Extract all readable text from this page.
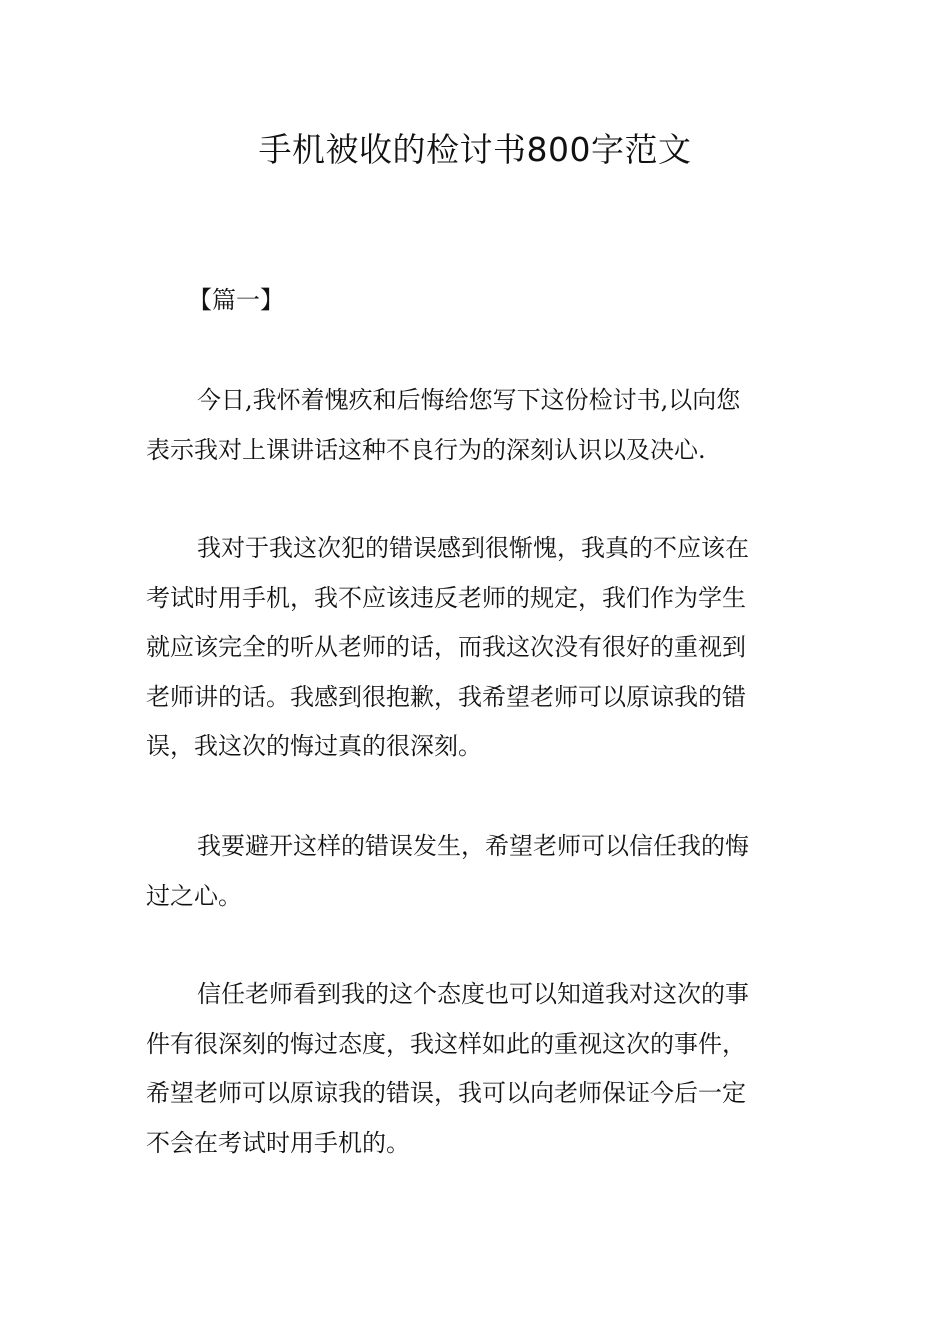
手机被收的检讨书800字范文
【篇一】

今日,我怀着愧疚和后悔给您写下这份检讨书,以向您
表示我对上课讲话这种不良行为的深刻认识以及决心.

我对于我这次犯的错误感到很惭愧，我真的不应该在
考试时用手机，我不应该违反老师的规定，我们作为学生
就应该完全的听从老师的话，而我这次没有很好的重视到
老师讲的话。我感到很抱歉，我希望老师可以原谅我的错
误，我这次的悔过真的很深刻。

我要避开这样的错误发生，希望老师可以信任我的悔
过之心。

信任老师看到我的这个态度也可以知道我对这次的事
件有很深刻的悔过态度，我这样如此的重视这次的事件，
希望老师可以原谅我的错误，我可以向老师保证今后一定
不会在考试时用手机的。
